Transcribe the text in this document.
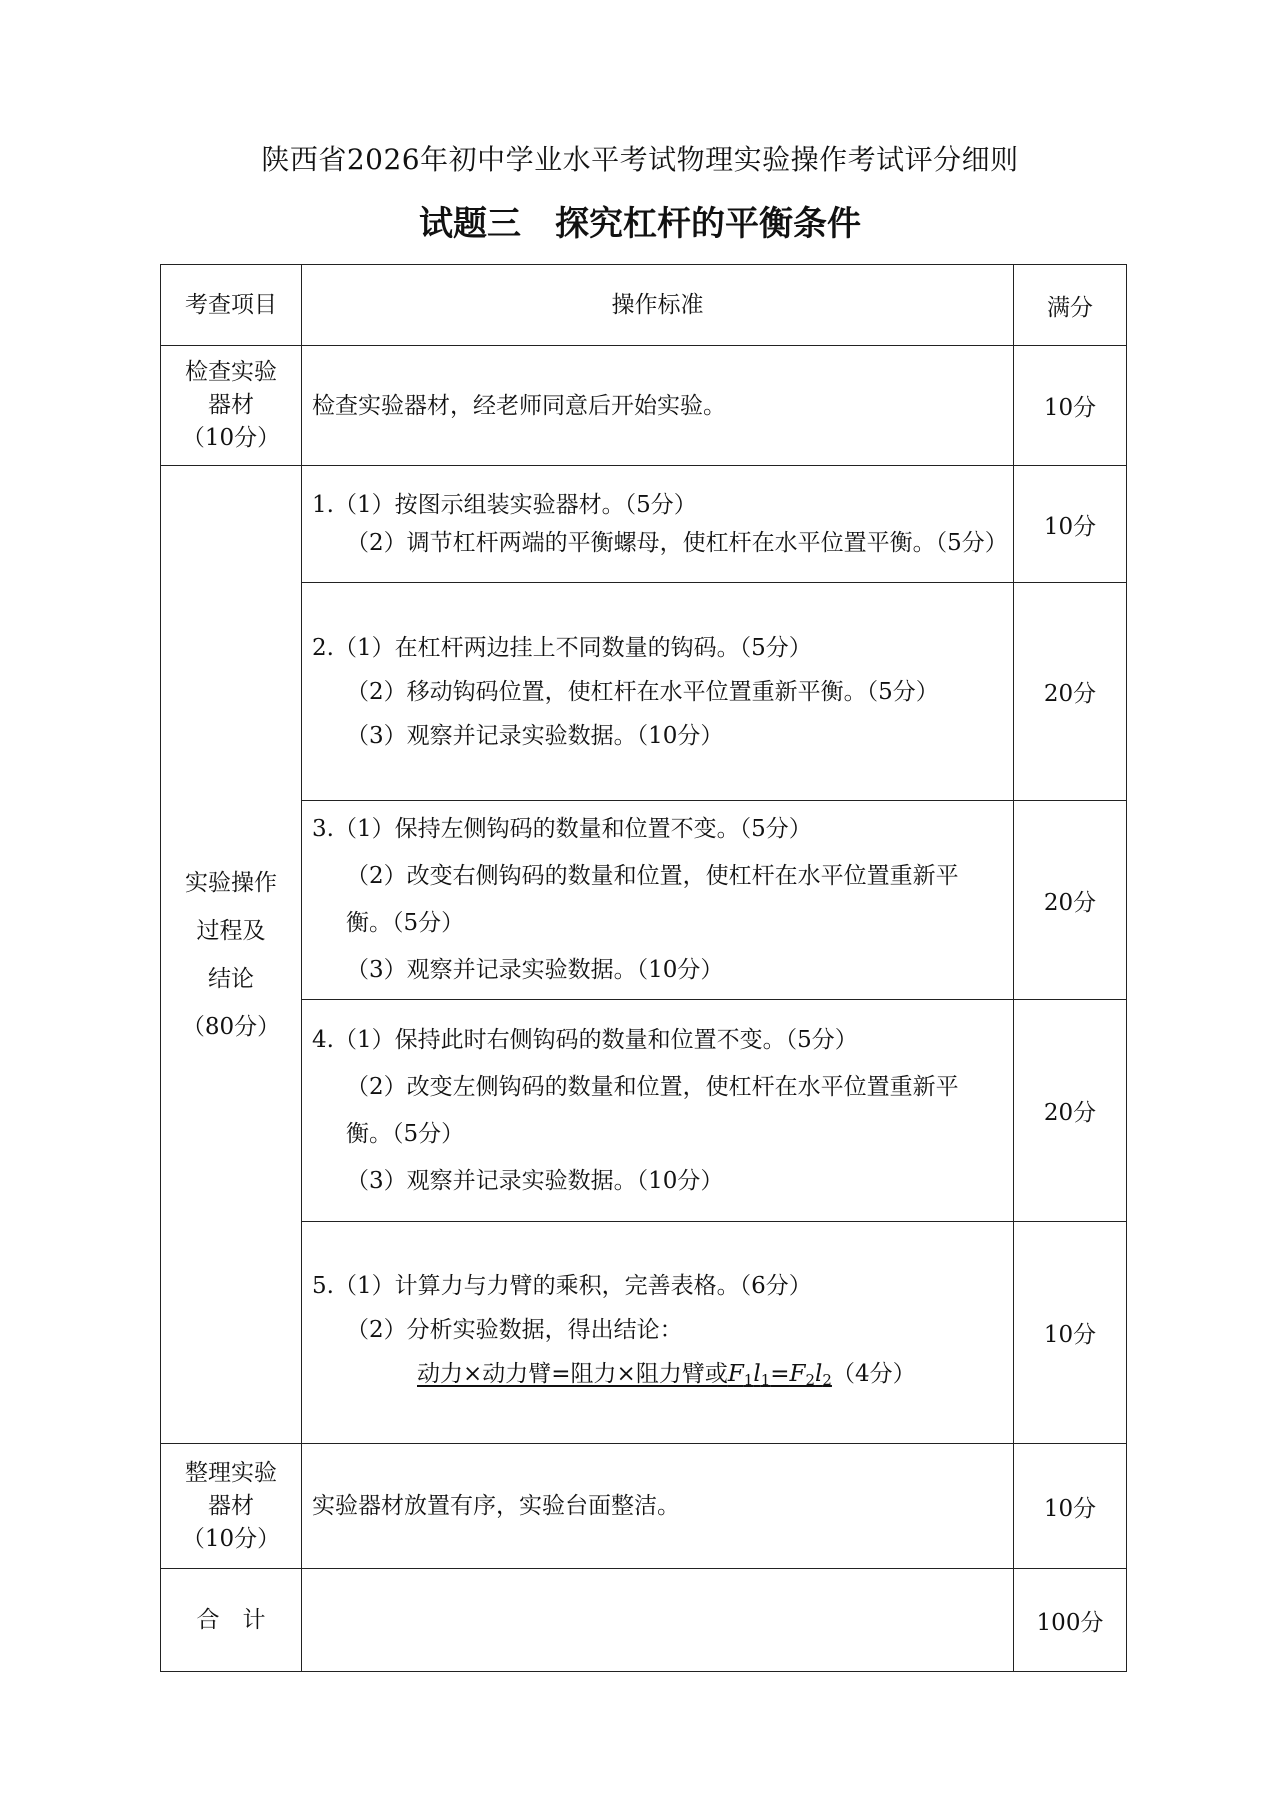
陕西省2026年初中学业水平考试物理实验操作考试评分细则
试题三 探究杠杆的平衡条件
考查项目	操作标准	满分

检查实验
器材
（10分）	检查实验器材，经老师同意后开始实验。	10分

实验操作
过程及
结论
（80分）	1.（1）按图示组装实验器材。（5分）
（2）调节杠杆两端的平衡螺母，使杠杆在水平位置平衡。（5分）	10分

	2.（1）在杠杆两边挂上不同数量的钩码。（5分）
（2）移动钩码位置，使杠杆在水平位置重新平衡。（5分）
（3）观察并记录实验数据。（10分）	20分

	3.（1）保持左侧钩码的数量和位置不变。（5分）
（2）改变右侧钩码的数量和位置，使杠杆在水平位置重新平衡。（5分）
（3）观察并记录实验数据。（10分）	20分

	4.（1）保持此时右侧钩码的数量和位置不变。（5分）
（2）改变左侧钩码的数量和位置，使杠杆在水平位置重新平衡。（5分）
（3）观察并记录实验数据。（10分）	20分

	5.（1）计算力与力臂的乘积，完善表格。（6分）
（2）分析实验数据，得出结论：
动力×动力臂=阻力×阻力臂或$F_1l_1=F_2l_2(4$分）	10分

整理实验
器材
（10分）	实验器材放置有序，实验台面整洁。	10分
合　计		100分
